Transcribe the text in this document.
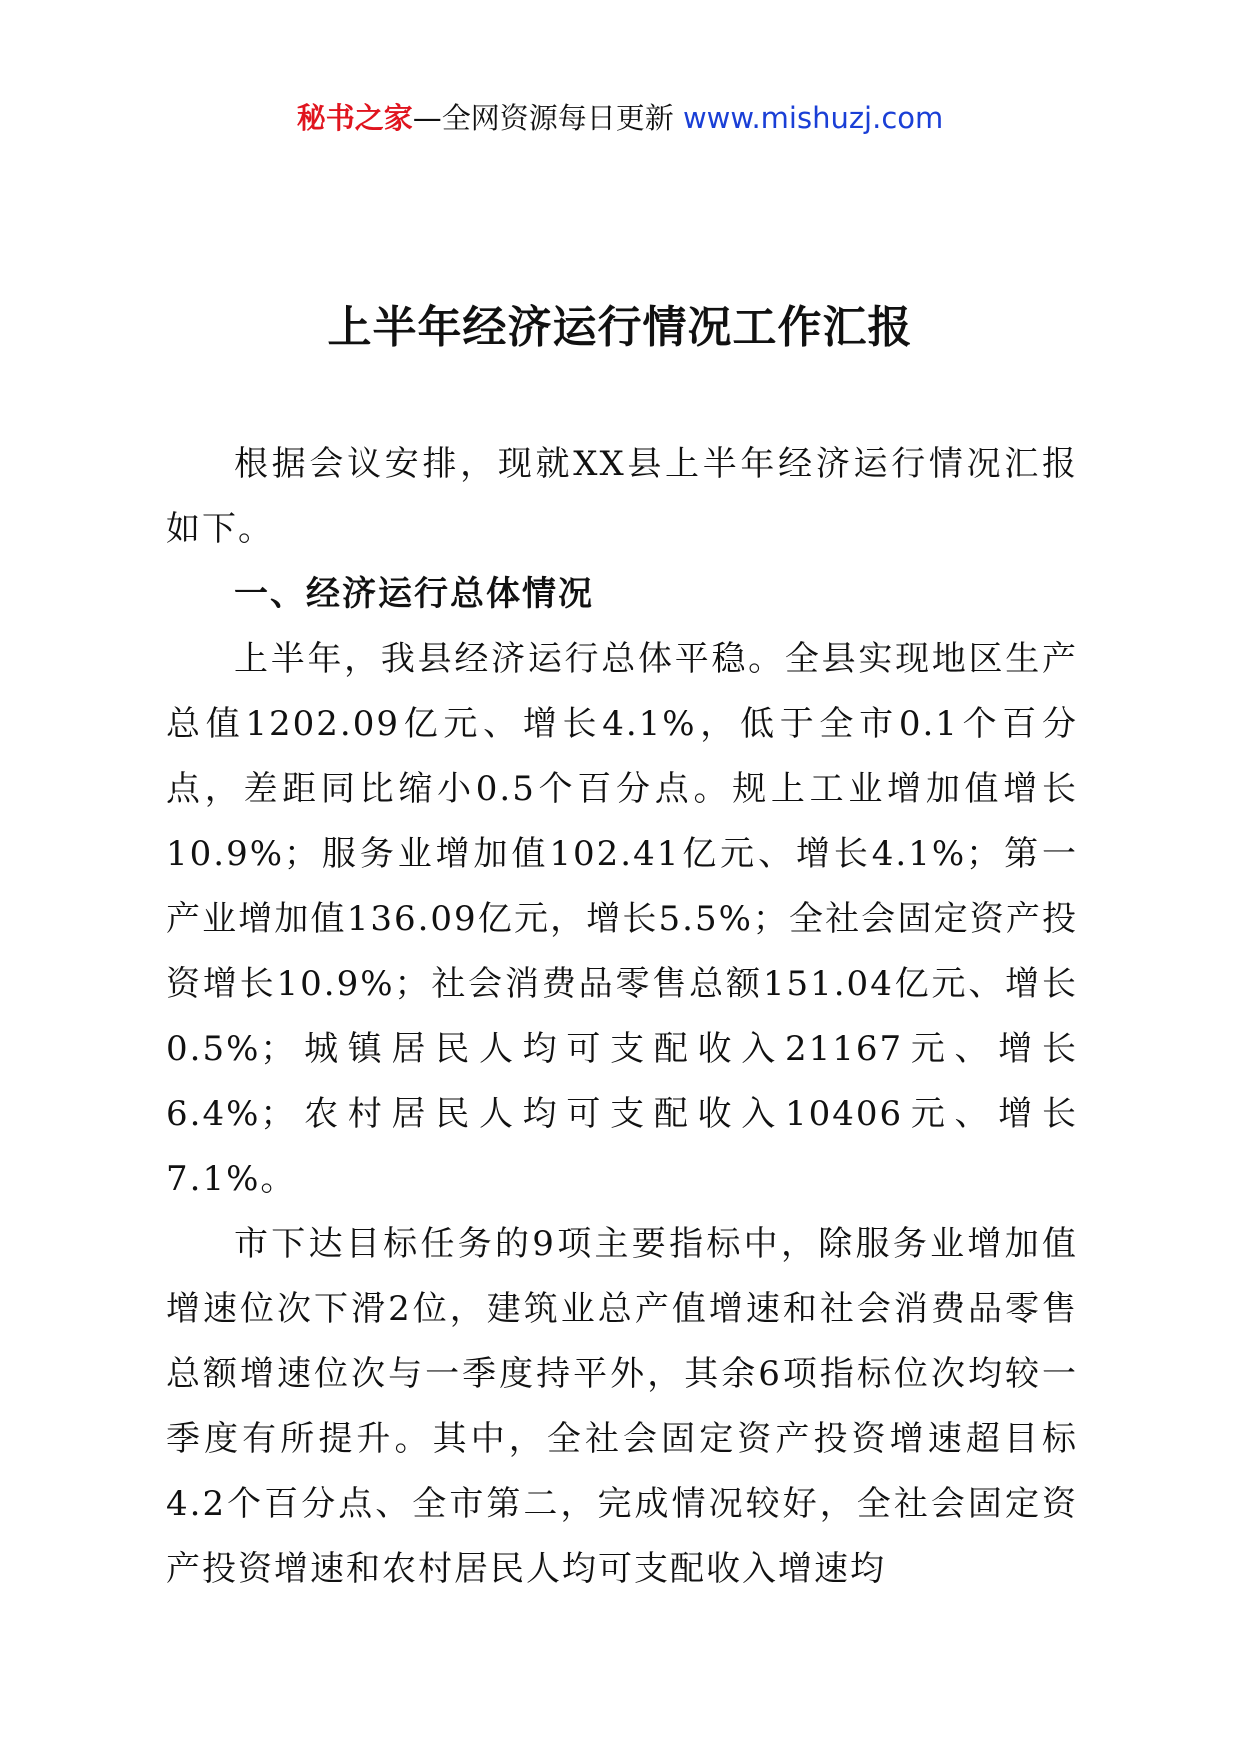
秘书之家—全网资源每日更新 www.mishuzj.com
上半年经济运行情况工作汇报

根据会议安排，现就XX县上半年经济运行情况汇报如下。

一、经济运行总体情况

上半年，我县经济运行总体平稳。全县实现地区生产总值1202.09亿元、增长4.1%，低于全市0.1个百分点，差距同比缩小0.5个百分点。规上工业增加值增长10.9%；服务业增加值102.41亿元、增长4.1%；第一产业增加值136.09亿元，增长5.5%；全社会固定资产投资增长10.9%；社会消费品零售总额151.04亿元、增长0.5%；城镇居民人均可支配收入21167元、增长6.4%；农村居民人均可支配收入10406元、增长7.1%。

市下达目标任务的9项主要指标中，除服务业增加值增速位次下滑2位，建筑业总产值增速和社会消费品零售总额增速位次与一季度持平外，其余6项指标位次均较一季度有所提升。其中，全社会固定资产投资增速超目标4.2个百分点、全市第二，完成情况较好，全社会固定资产投资增速和农村居民人均可支配收入增速均
